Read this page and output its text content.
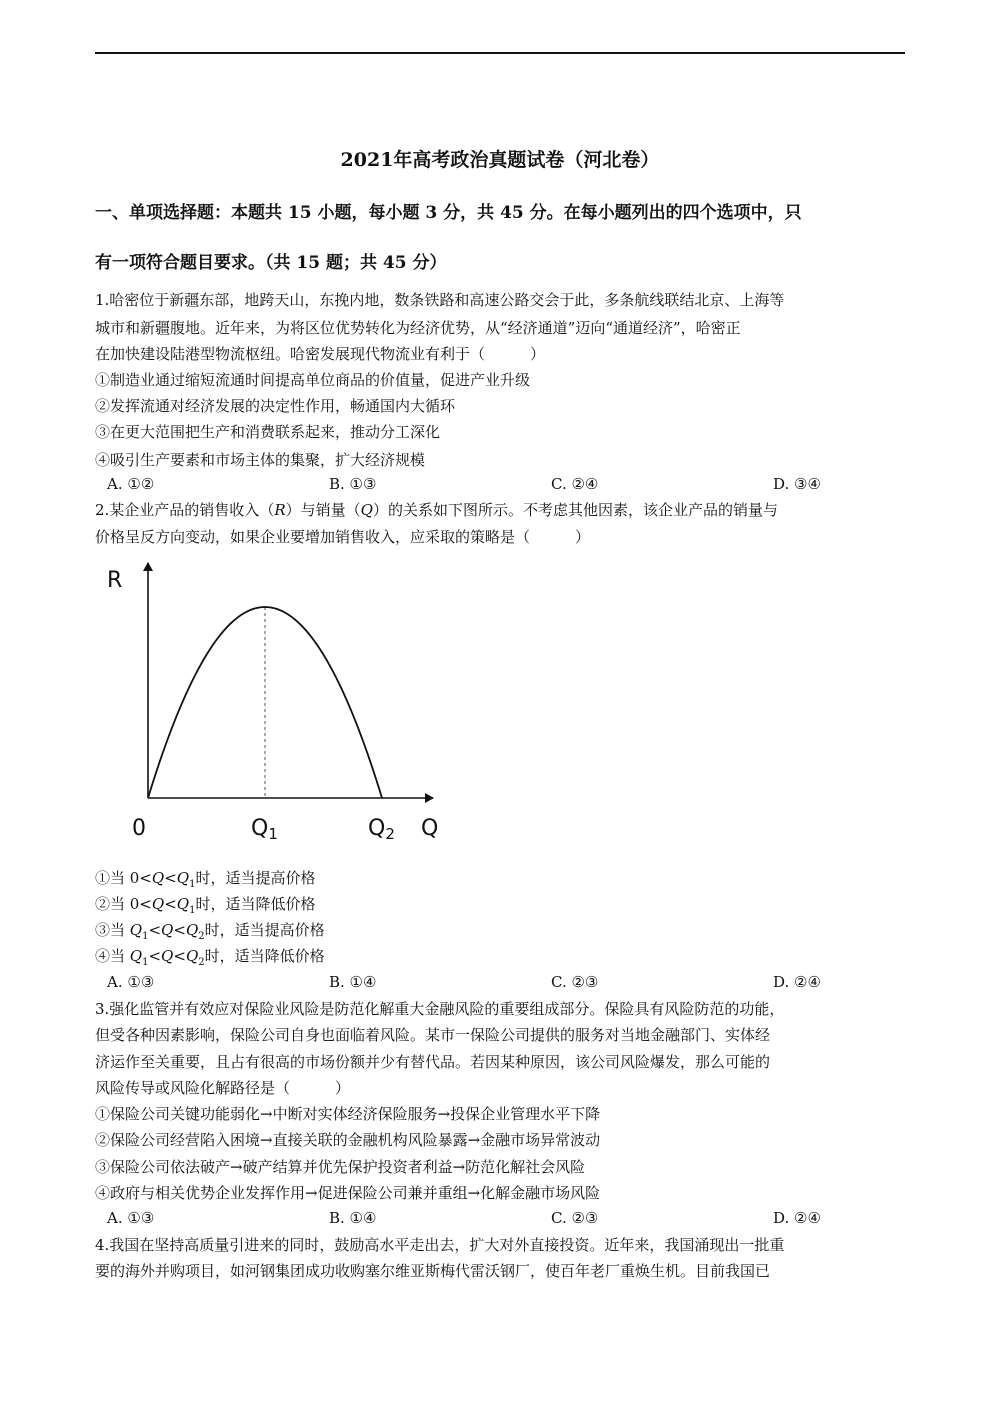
2021年高考政治真题试卷（河北卷）
一、单项选择题：本题共 15 小题，每小题 3 分，共 45 分。在每小题列出的四个选项中，只
有一项符合题目要求。（共 15 题；共 45 分）
1.哈密位于新疆东部，地跨天山，东挽内地，数条铁路和高速公路交会于此，多条航线联结北京、上海等
城市和新疆腹地。近年来，为将区位优势转化为经济优势，从“经济通道”迈向“通道经济”，哈密正
在加快建设陆港型物流枢纽。哈密发展现代物流业有利于（　　　）
①制造业通过缩短流通时间提高单位商品的价值量，促进产业升级
②发挥流通对经济发展的决定性作用，畅通国内大循环
③在更大范围把生产和消费联系起来，推动分工深化
④吸引生产要素和市场主体的集聚，扩大经济规模
A. ①②	B. ①③	C. ②④	D. ③④
2.某企业产品的销售收入（R）与销量（Q）的关系如下图所示。不考虑其他因素，该企业产品的销量与
价格呈反方向变动，如果企业要增加销售收入，应采取的策略是（　　　）
R
Q
0	Q1	Q2
①当 $0<Q<Q_1$时，适当提高价格
②当 $0<Q<Q_1$时，适当降低价格
③当 $Q_1<Q<Q_2$时，适当提高价格
④当 $Q_1<Q<Q_2$时，适当降低价格
A. ①③	B. ①④	C. ②③	D. ②④
3.强化监管并有效应对保险业风险是防范化解重大金融风险的重要组成部分。保险具有风险防范的功能，
但受各种因素影响，保险公司自身也面临着风险。某市一保险公司提供的服务对当地金融部门、实体经
济运作至关重要，且占有很高的市场份额并少有替代品。若因某种原因，该公司风险爆发，那么可能的
风险传导或风险化解路径是（　　　）
①保险公司关键功能弱化→中断对实体经济保险服务→投保企业管理水平下降
②保险公司经营陷入困境→直接关联的金融机构风险暴露→金融市场异常波动
③保险公司依法破产→破产结算并优先保护投资者利益→防范化解社会风险
④政府与相关优势企业发挥作用→促进保险公司兼并重组→化解金融市场风险
A. ①③	B. ①④	C. ②③	D. ②④
4.我国在坚持高质量引进来的同时，鼓励高水平走出去，扩大对外直接投资。近年来，我国涌现出一批重
要的海外并购项目，如河钢集团成功收购塞尔维亚斯梅代雷沃钢厂，使百年老厂重焕生机。目前我国已
